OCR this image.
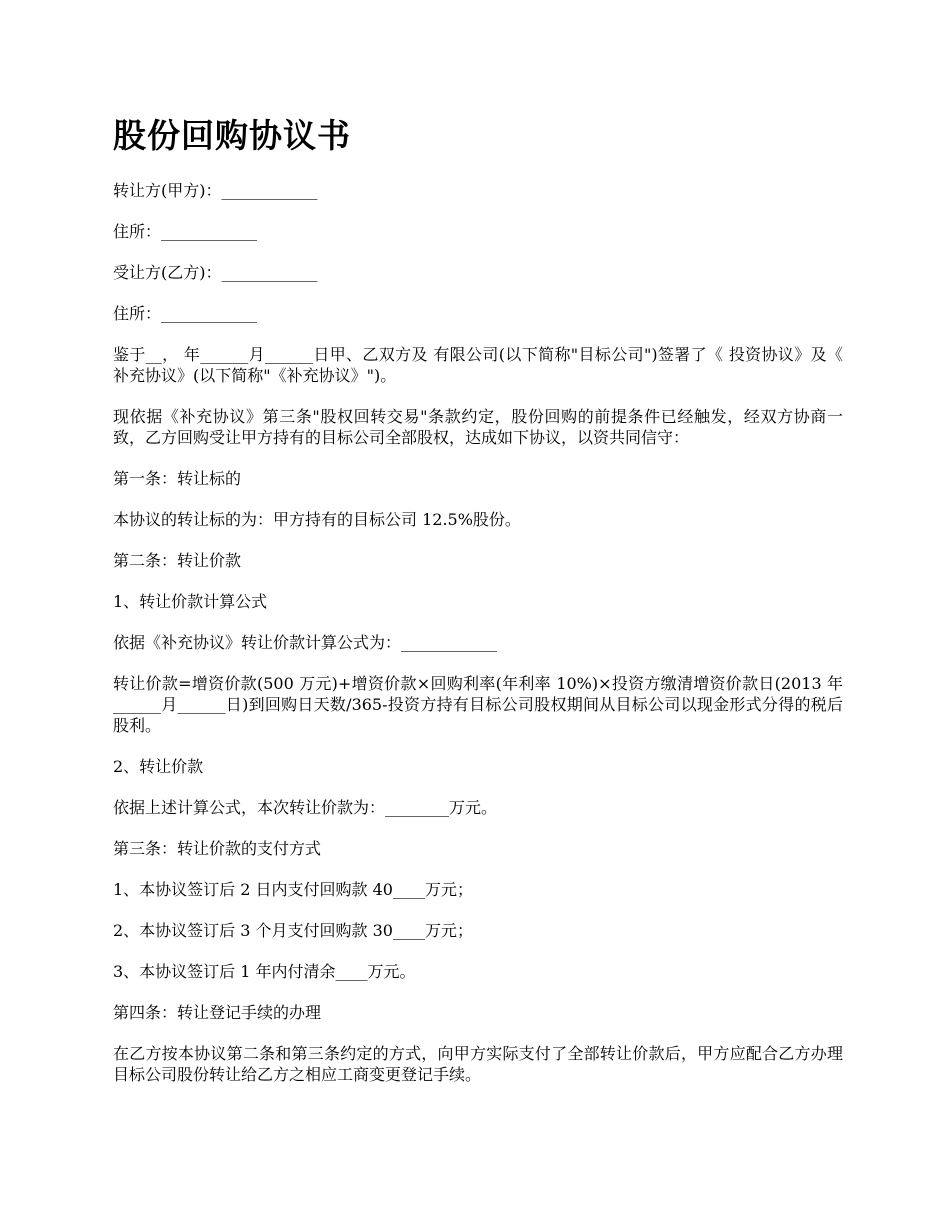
股份回购协议书

转让方(甲方)：____________

住所：____________

受让方(乙方)：____________

住所：____________

鉴于__， 年______月______日甲、乙双方及 有限公司(以下简称"目标公司")签署了《 投资协议》及《 补充协议》(以下简称"《补充协议》")。

现依据《补充协议》第三条"股权回转交易"条款约定，股份回购的前提条件已经触发，经双方协商一致，乙方回购受让甲方持有的目标公司全部股权，达成如下协议，以资共同信守：

第一条：转让标的

本协议的转让标的为：甲方持有的目标公司 12.5%股份。

第二条：转让价款

1、转让价款计算公式

依据《补充协议》转让价款计算公式为：____________

转让价款=增资价款(500 万元)+增资价款×回购利率(年利率 10%)×投资方缴清增资价款日(2013 年______月______日)到回购日天数/365-投资方持有目标公司股权期间从目标公司以现金形式分得的税后股利。

2、转让价款

依据上述计算公式，本次转让价款为：________万元。

第三条：转让价款的支付方式

1、本协议签订后 2 日内支付回购款 40____万元；

2、本协议签订后 3 个月支付回购款 30____万元；

3、本协议签订后 1 年内付清余____万元。

第四条：转让登记手续的办理

在乙方按本协议第二条和第三条约定的方式，向甲方实际支付了全部转让价款后，甲方应配合乙方办理目标公司股份转让给乙方之相应工商变更登记手续。
